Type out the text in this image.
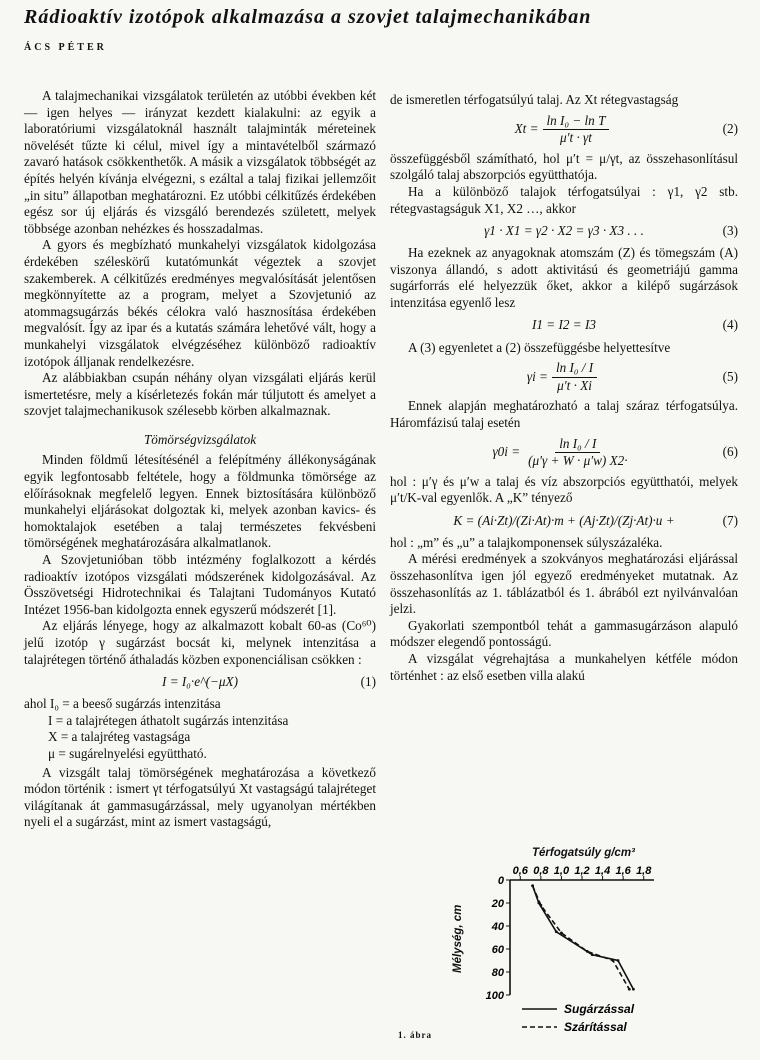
Rádioaktív izotópok alkalmazása a szovjet talajmechanikában
ÁCS PÉTER

A talajmechanikai vizsgálatok területén az utóbbi években két — igen helyes — irányzat kezdett kialakulni: az egyik a laboratóriumi vizsgálatoknál használt talajminták méreteinek növelését tűzte ki célul, mivel így a mintavételből származó zavaró hatások csökkenthetők. A másik a vizsgálatok többségét az építés helyén kívánja elvégezni, s ezáltal a talaj fizikai jellemzőit „in situ” állapotban meghatározni. Ez utóbbi célkitűzés érdekében egész sor új eljárás és vizsgáló berendezés született, melyek többsége azonban nehézkes és hosszadalmas.

A gyors és megbízható munkahelyi vizsgálatok kidolgozása érdekében széleskörű kutatómunkát végeztek a szovjet szakemberek. A célkitűzés eredményes megvalósítását jelentősen megkönnyítette az a program, melyet a Szovjetunió az atommagsugárzás békés célokra való hasznosítása érdekében megvalósít. Így az ipar és a kutatás számára lehetővé vált, hogy a munkahelyi vizsgálatok elvégzéséhez különböző radioaktív izotópok álljanak rendelkezésre.

Az alábbiakban csupán néhány olyan vizsgálati eljárás kerül ismertetésre, mely a kísérletezés fokán már túljutott és amelyet a szovjet talajmechanikusok szélesebb körben alkalmaznak.

Tömörségvizsgálatok

Minden földmű létesítésénél a felépítmény állékonyságának egyik legfontosabb feltétele, hogy a földmunka tömörsége az előírásoknak megfelelő legyen. Ennek biztosítására különböző munkahelyi eljárásokat dolgoztak ki, melyek azonban kavics- és homoktalajok esetében a talaj természetes fekvésbeni tömörségének meghatározására alkalmatlanok.

A Szovjetunióban több intézmény foglalkozott a kérdés radioaktív izotópos vizsgálati módszerének kidolgozásával. Az Összövetségi Hidrotechnikai és Talajtani Tudományos Kutató Intézet 1956-ban kidolgozta ennek egyszerű módszerét [1].

Az eljárás lényege, hogy az alkalmazott kobalt 60-as (Co⁶⁰) jelű izotóp γ sugárzást bocsát ki, melynek intenzitása a talajrétegen történő áthaladás közben exponenciálisan csökken :

I = I₀·e^(−μX)	(1)
ahol I₀ = a beeső sugárzás intenzitása
I = a talajrétegen áthatolt sugárzás intenzitása
X = a talajréteg vastagsága
μ = sugárelnyelési együttható.

A vizsgált talaj tömörségének meghatározása a következő módon történik : ismert γt térfogatsúlyú Xt vastagságú talajréteget világítanak át gammasugárzással, mely ugyanolyan mértékben nyeli el a sugárzást, mint az ismert vastagságú,

de ismeretlen térfogatsúlyú talaj. Az Xt rétegvastagság

$Xt = \frac{\text{ln I₀ − ln T}}{\mu't \cdot \gamma t}$	(2)

összefüggésből számítható, hol μ′t = μ/γt, az összehasonlításul szolgáló talaj abszorpciós együtthatója.

Ha a különböző talajok térfogatsúlyai : γ1, γ2 stb. rétegvastagságuk X1, X2 …, akkor

γ1 · X1 = γ2 · X2 = γ3 · X3 . . .	(3)

Ha ezeknek az anyagoknak atomszám (Z) és tömegszám (A) viszonya állandó, s adott aktivitású és geometriájú gamma sugárforrás elé helyezzük őket, akkor a kilépő sugárzások intenzitása egyenlő lesz

I1 = I2 = I3	(4)

A (3) egyenletet a (2) összefüggésbe helyettesítve

$\gamma i = \frac{\text{ln I₀ / I}}{\mu't \cdot Xi}$	(5)

Ennek alapján meghatározható a talaj száraz térfogatsúlya. Háromfázisú talaj esetén

$\gamma 0i = \frac{\text{ln I₀ / I}}{(\mu'\gamma + W \cdot \mu'w) X2\cdot}$	(6)

hol : μ′γ és μ′w a talaj és víz abszorpciós együtthatói, melyek μ′t/K-val egyenlők. A „K” tényező

K = (Ai·Zt)/(Zi·At)·m + (Aj·Zt)/(Zj·At)·u +	(7)

hol : „m” és „u” a talajkomponensek súlyszázaléka.

A mérési eredmények a szokványos meghatározási eljárással összehasonlítva igen jól egyező eredményeket mutatnak. Az összehasonlítás az 1. táblázatból és 1. ábrából ezt nyilvánvalóan jelzi.

Gyakorlati szempontból tehát a gammasugárzáson alapuló módszer elegendő pontosságú.

A vizsgálat végrehajtása a munkahelyen kétféle módon történhet : az első esetben villa alakú

0,6 0,8 1,0 1,2 1,4 1,6 1,8
0
20
40
60
80
100
Sugárzással
Szárítással
Térfogatsúly g/cm³
Mélység, cm
1. ábra
